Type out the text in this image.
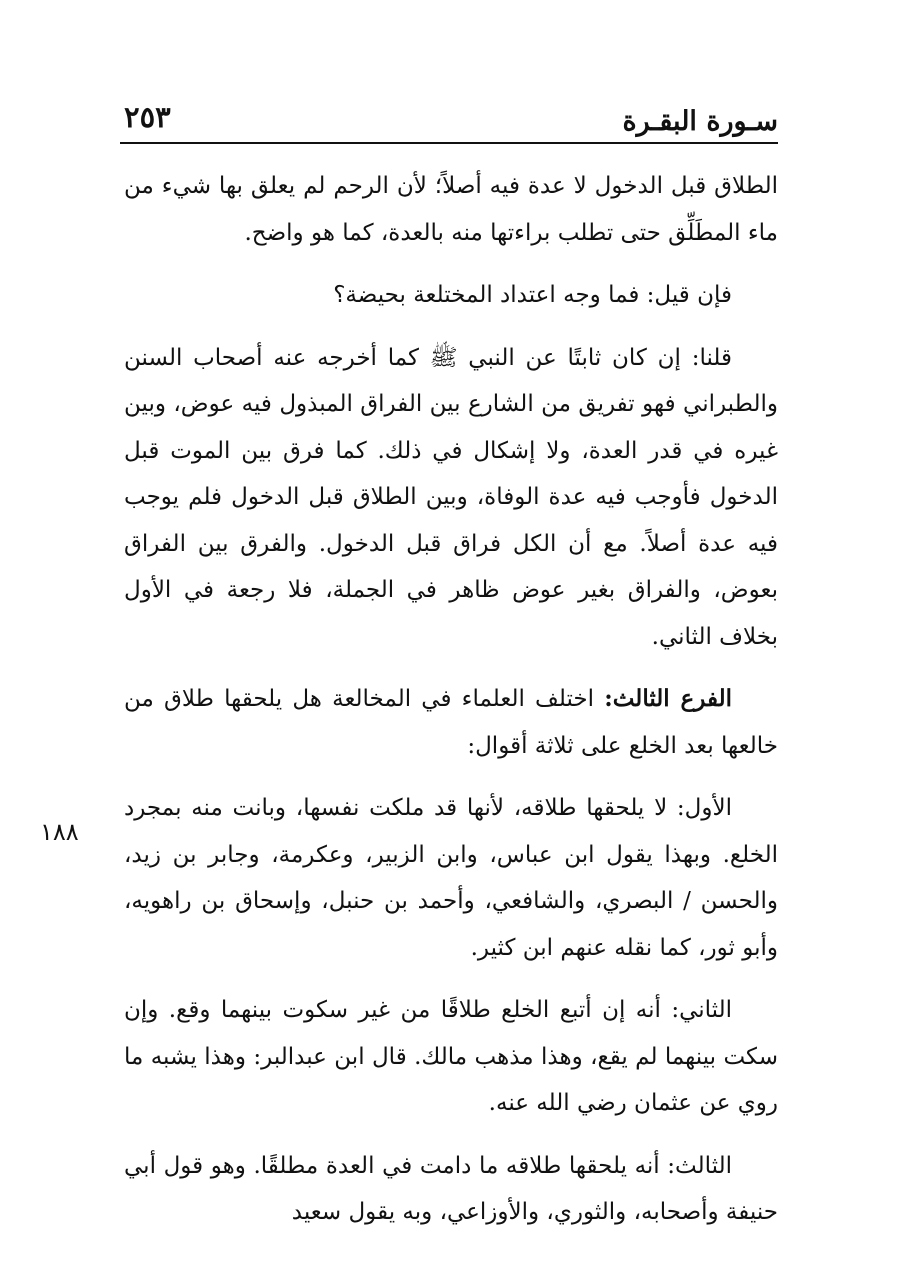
سـورة البقـرة
٢٥٣
١٨٨

الطلاق قبل الدخول لا عدة فيه أصلاً؛ لأن الرحم لم يعلق بها شيء من ماء المطَلِّق حتى تطلب براءتها منه بالعدة، كما هو واضح.

فإن قيل: فما وجه اعتداد المختلعة بحيضة؟

قلنا: إن كان ثابتًا عن النبي ﷺ كما أخرجه عنه أصحاب السنن والطبراني فهو تفريق من الشارع بين الفراق المبذول فيه عوض، وبين غيره في قدر العدة، ولا إشكال في ذلك. كما فرق بين الموت قبل الدخول فأوجب فيه عدة الوفاة، وبين الطلاق قبل الدخول فلم يوجب فيه عدة أصلاً. مع أن الكل فراق قبل الدخول. والفرق بين الفراق بعوض، والفراق بغير عوض ظاهر في الجملة، فلا رجعة في الأول بخلاف الثاني.

الفرع الثالث: اختلف العلماء في المخالعة هل يلحقها طلاق من خالعها بعد الخلع على ثلاثة أقوال:

الأول: لا يلحقها طلاقه، لأنها قد ملكت نفسها، وبانت منه بمجرد الخلع. وبهذا يقول ابن عباس، وابن الزبير، وعكرمة، وجابر بن زيد، والحسن / البصري، والشافعي، وأحمد بن حنبل، وإسحاق بن راهويه، وأبو ثور، كما نقله عنهم ابن كثير.

الثاني: أنه إن أتبع الخلع طلاقًا من غير سكوت بينهما وقع. وإن سكت بينهما لم يقع، وهذا مذهب مالك. قال ابن عبدالبر: وهذا يشبه ما روي عن عثمان رضي الله عنه.

الثالث: أنه يلحقها طلاقه ما دامت في العدة مطلقًا. وهو قول أبي حنيفة وأصحابه، والثوري، والأوزاعي، وبه يقول سعيد
